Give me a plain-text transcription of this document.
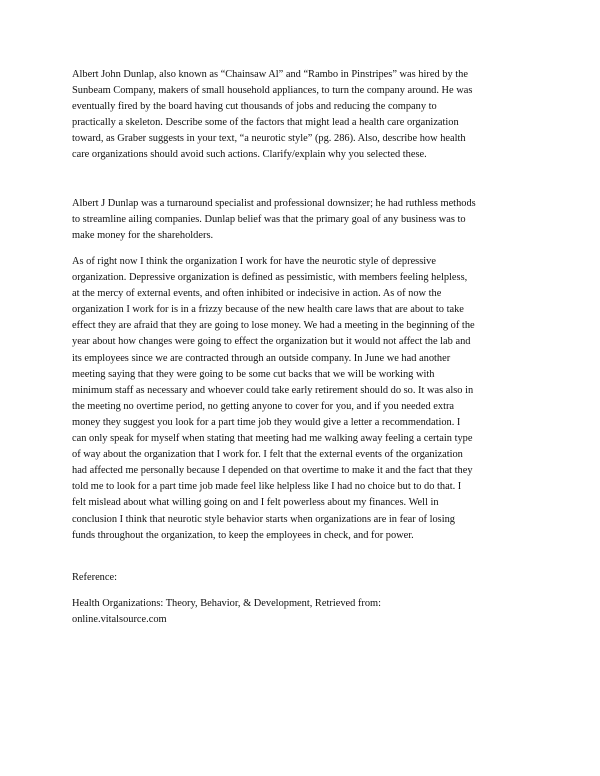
Albert John Dunlap, also known as “Chainsaw Al” and “Rambo in Pinstripes” was hired by the
Sunbeam Company, makers of small household appliances, to turn the company around. He was
eventually fired by the board having cut thousands of jobs and reducing the company to
practically a skeleton. Describe some of the factors that might lead a health care organization
toward, as Graber suggests in your text, “a neurotic style” (pg. 286). Also, describe how health
care organizations should avoid such actions. Clarify/explain why you selected these.

Albert J Dunlap was a turnaround specialist and professional downsizer; he had ruthless methods
to streamline ailing companies. Dunlap belief was that the primary goal of any business was to
make money for the shareholders.

As of right now I think the organization I work for have the neurotic style of depressive
organization. Depressive organization is defined as pessimistic, with members feeling helpless,
at the mercy of external events, and often inhibited or indecisive in action. As of now the
organization I work for is in a frizzy because of the new health care laws that are about to take
effect they are afraid that they are going to lose money. We had a meeting in the beginning of the
year about how changes were going to effect the organization but it would not affect the lab and
its employees since we are contracted through an outside company. In June we had another
meeting saying that they were going to be some cut backs that we will be working with
minimum staff as necessary and whoever could take early retirement should do so. It was also in
the meeting no overtime period, no getting anyone to cover for you, and if you needed extra
money they suggest you look for a part time job they would give a letter a recommendation. I
can only speak for myself when stating that meeting had me walking away feeling a certain type
of way about the organization that I work for. I felt that the external events of the organization
had affected me personally because I depended on that overtime to make it and the fact that they
told me to look for a part time job made feel like helpless like I had no choice but to do that. I
felt mislead about what willing going on and I felt powerless about my finances. Well in
conclusion I think that neurotic style behavior starts when organizations are in fear of losing
funds throughout the organization, to keep the employees in check, and for power.

Reference:

Health Organizations: Theory, Behavior, & Development, Retrieved from:
online.vitalsource.com
